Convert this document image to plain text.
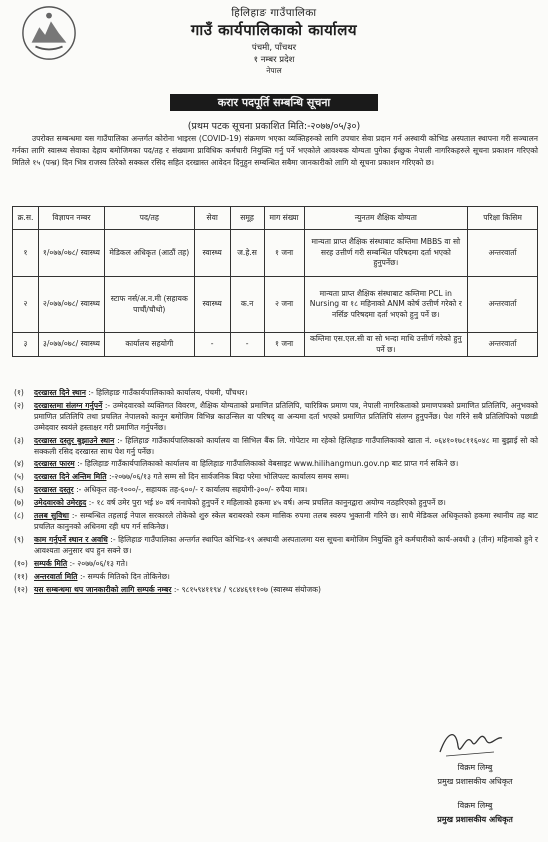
हिलिहाङ गाउँपालिका
गाउँ कार्यपालिकाको कार्यालय
पंचमी, पाँचथर
१ नम्बर प्रदेश
नेपाल
करार पदपूर्ति सम्बन्धि सूचना
(प्रथम पटक सूचना प्रकाशित मिति:-२०७७/०५/३०)

उपरोक्त सम्बन्धमा यस गाउँपालिका अन्तर्गत कोरोना भाइरस (COVID-19) संक्रमण भएका व्यक्तिहरुको लागि उपचार सेवा प्रदान गर्न अस्थायी कोभिड अस्पताल स्थापना गरी सञ्चालन गर्नका लागि स्वास्थ्य सेवाका देहाय बमोजिमका पद/तह र संख्यामा प्राविधिक कर्मचारी नियुक्ति गर्नु पर्ने भएकोले आवश्यक योग्यता पुगेका ईच्छुक नेपाली नागरिकहरुले सूचना प्रकाशन गरिएको मितिले १५ (पन्ध्र) दिन भित्र राजस्व तिरेको सक्कल रसिद सहित दरखास्त आवेदन दिनुहुन सम्बन्धित सबैमा जानकारीको लागि यो सूचना प्रकाशन गरिएको छ।

क्र.स.	विज्ञापन नम्बर	पद/तह	सेवा	समूह	माग संख्या	न्युनतम शैक्षिक योग्यता	परिक्षा किसिम
१	१/०७७/०७८/ स्वास्थ्य	मेडिकल अधिकृत (आठौं तह)	स्वास्थ्य	ज.हे.स	१ जना	मान्यता प्राप्त शैक्षिक संस्थाबाट कम्तिमा MBBS वा सो सरह उत्तीर्ण गरी सम्बन्धित परिषदमा दर्ता भएको हुनुपर्नेछ।	अन्तरवार्ता
२	२/०७७/०७८/ स्वास्थ्य	स्टाफ नर्स/अ.न.मी (सहायक पाचौं/चौथो)	स्वास्थ्य	क.न	२ जना	मान्यता प्राप्त शैक्षिक संस्थाबाट कम्तिमा PCL in Nursing वा १८ महिनाको ANM कोर्ष उत्तीर्ण गरेको र नर्सिङ परिषदमा दर्ता भएको हुनु पर्ने छ।	अन्तरवार्ता
३	३/०७७/०७८/ स्वास्थ्य	कार्यालय सहयोगी	-	-	१ जना	कम्तिमा एस.एल.सी वा सो भन्दा माथि उत्तीर्ण गरेको हुनु पर्ने छ।	अन्तरवार्ता
(१)	दरखास्त दिने स्थान :- हिलिहाङ गाउँकार्यपालिकाको कार्यालय, पंचमी, पाँचथर।
(२)	दरखास्तमा संलग्न गर्नुपर्ने :- उम्मेदवारको व्यक्तिगत विवरण, शैक्षिक योग्यताको प्रमाणित प्रतिलिपि, चारित्रिक प्रमाण पत्र, नेपाली नागरिकताको प्रमाणपत्रको प्रमाणित प्रतिलिपि, अनुभवको प्रमाणित प्रतिलिपि तथा प्रचलित नेपालको कानून बमोजिम विभिन्न काउन्सिल वा परिषद् वा अन्यमा दर्ता भएको प्रमाणित प्रतिलिपि संलग्न हुनुपर्नेछ। पेश गरिने सबै प्रतिलिपिको पछाडी उम्मेदवार स्वयंले हस्ताक्षर गरी प्रमाणित गर्नुपर्नेछ।
(३)	दरखास्त दस्तुर बुझाउने स्थान :- हिलिहाङ गाउँकार्यपालिकाको कार्यालय वा सिभिल बैंक लि. गोपेटार मा रहेको हिलिहाङ गाउँपालिकाको खाता नं. ०६४१०१७८११६०४८ मा बुझाई सो को सक्कली रसिद दरखास्त साथ पेश गर्नु पर्नेछ।
(४)	दरखास्त फारम :- हिलिहाङ गाउँकार्यपालिकाको कार्यालय वा हिलिहाङ गाउँपालिकाको वेबसाइट www.hilihangmun.gov.np बाट प्राप्त गर्न सकिने छ।
(५)	दरखास्त दिने अन्तिम मिति :-२०७७/०६/१३ गते सम्म सो दिन सार्वजनिक बिदा परेमा भोलिपल्ट कार्यालय समय सम्म।
(६)	दरखास्त दस्तुर :- अधिकृत तह-१०००/-, सहायक तह-६००/- र कार्यालय सहयोगी-३००/- रुपैया मात्र।
(७)	उमेदवारको उमेरहद :- १८ वर्ष उमेर पुरा भई ४० वर्ष ननाघेको हुनुपर्ने र महिलाको हकमा ४५ वर्ष। अन्य प्रचलित कानुनद्वारा अयोग्य नठहरिएको हुनुपर्ने छ।
(८)	तलब सुविधा :- सम्बन्धित तहलाई नेपाल सरकारले तोकेको शुरु स्केल बराबरको रकम मासिक रुपमा तलब स्वरुप भुक्तानी गरिने छ। साथै मेडिकल अधिकृतको हकमा स्थानीय तह बाट प्रचलित कानुनको अधिनमा रही थप गर्न सकिनेछ।
(९)	काम गर्नुपर्ने स्थान र अवधि :- हिलिहाङ गाउँपालिका अन्तर्गत स्थापित कोभिड-१९ अस्थायी अस्पतालमा यस सूचना बमोजिम नियुक्ति हुने कर्मचारीको कार्य-अवधी ३ (तीन) महिनाको हुने र आवश्यता अनुसार थप हुन सक्ने छ।
(१०) सम्पर्क मिति :- २०७७/०६/१३ गते।
(११) अन्तरवार्ता मिति :- सम्पर्क मितिको दिन तोकिनेछ।
(१२) यस सम्बन्धमा थप जानकारीको लागि सम्पर्क नम्बर :- ९८१५९४११९४ / ९८४४६९११०७ (स्वास्थ्य संयोजक)
विक्रम लिम्बु
प्रमुख प्रशासकीय अधिकृत
विक्रम लिम्बु
प्रमुख प्रशासकीय अधिकृत
